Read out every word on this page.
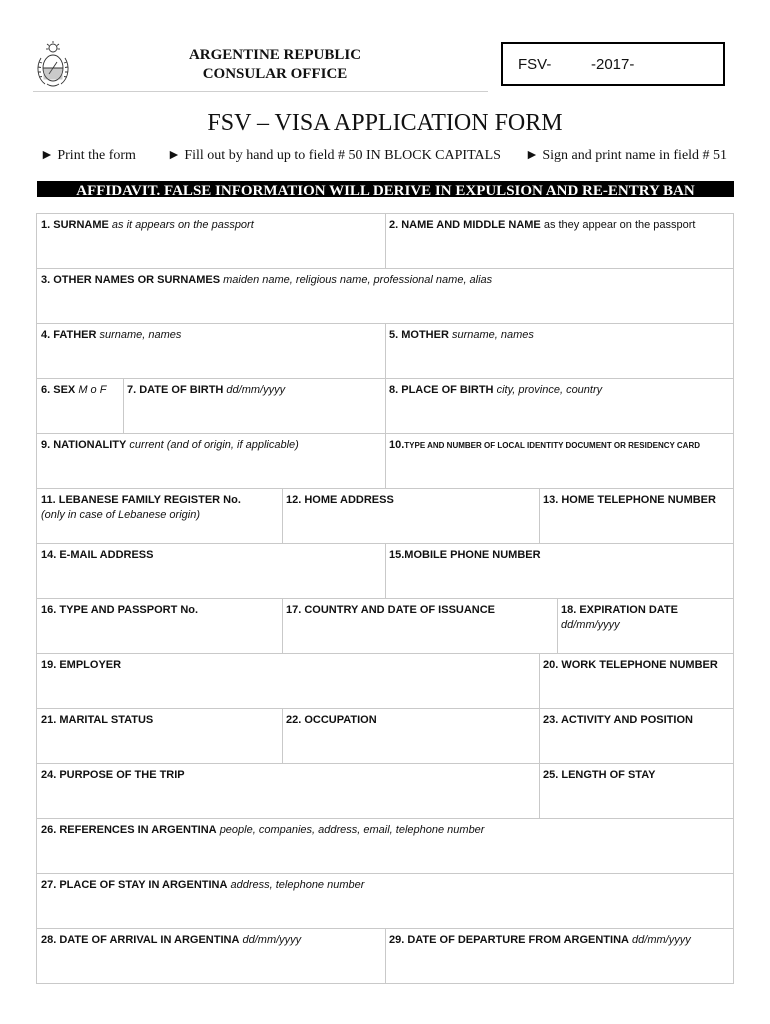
ARGENTINE REPUBLIC
CONSULAR OFFICE
FSV-	-2017-
FSV – VISA APPLICATION FORM
► Print the form ► Fill out by hand up to field # 50 IN BLOCK CAPITALS ► Sign and print name in field # 51
AFFIDAVIT. FALSE INFORMATION WILL DERIVE IN EXPULSION AND RE-ENTRY BAN
1. SURNAME as it appears on the passport	2. NAME AND MIDDLE NAME as they appear on the passport
3. OTHER NAMES OR SURNAMES maiden name, religious name, professional name, alias
4. FATHER surname, names	5. MOTHER surname, names
6. SEX M o F	7. DATE OF BIRTH dd/mm/yyyy	8. PLACE OF BIRTH city, province, country
9. NATIONALITY current (and of origin, if applicable)	10.TYPE AND NUMBER OF LOCAL IDENTITY DOCUMENT OR RESIDENCY CARD
11. LEBANESE FAMILY REGISTER No.
(only in case of Lebanese origin)
12. HOME ADDRESS	13. HOME TELEPHONE NUMBER
14. E-MAIL ADDRESS	15.MOBILE PHONE NUMBER
16. TYPE AND PASSPORT No.	17. COUNTRY AND DATE OF ISSUANCE	18. EXPIRATION DATE
dd/mm/yyyy
19. EMPLOYER	20. WORK TELEPHONE NUMBER
21. MARITAL STATUS	22. OCCUPATION	23. ACTIVITY AND POSITION
24. PURPOSE OF THE TRIP	25. LENGTH OF STAY
26. REFERENCES IN ARGENTINA people, companies, address, email, telephone number
27. PLACE OF STAY IN ARGENTINA address, telephone number
28. DATE OF ARRIVAL IN ARGENTINA dd/mm/yyyy	29. DATE OF DEPARTURE FROM ARGENTINA dd/mm/yyyy
